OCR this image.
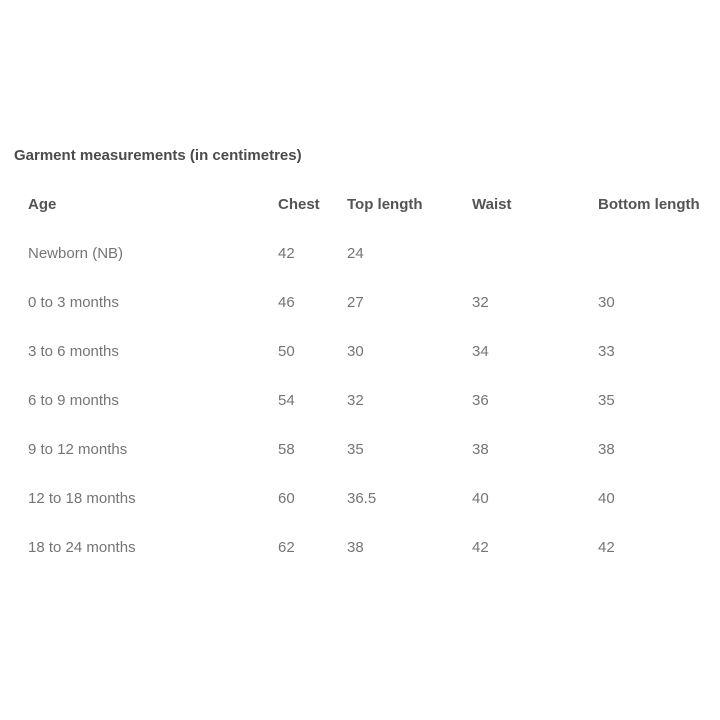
Garment measurements (in centimetres)
Age	Chest	Top length	Waist	Bottom length
Newborn (NB)	42	24		
0 to 3 months	46	27	32	30
3 to 6 months	50	30	34	33
6 to 9 months	54	32	36	35
9 to 12 months	58	35	38	38
12 to 18 months	60	36.5	40	40
18 to 24 months	62	38	42	42
